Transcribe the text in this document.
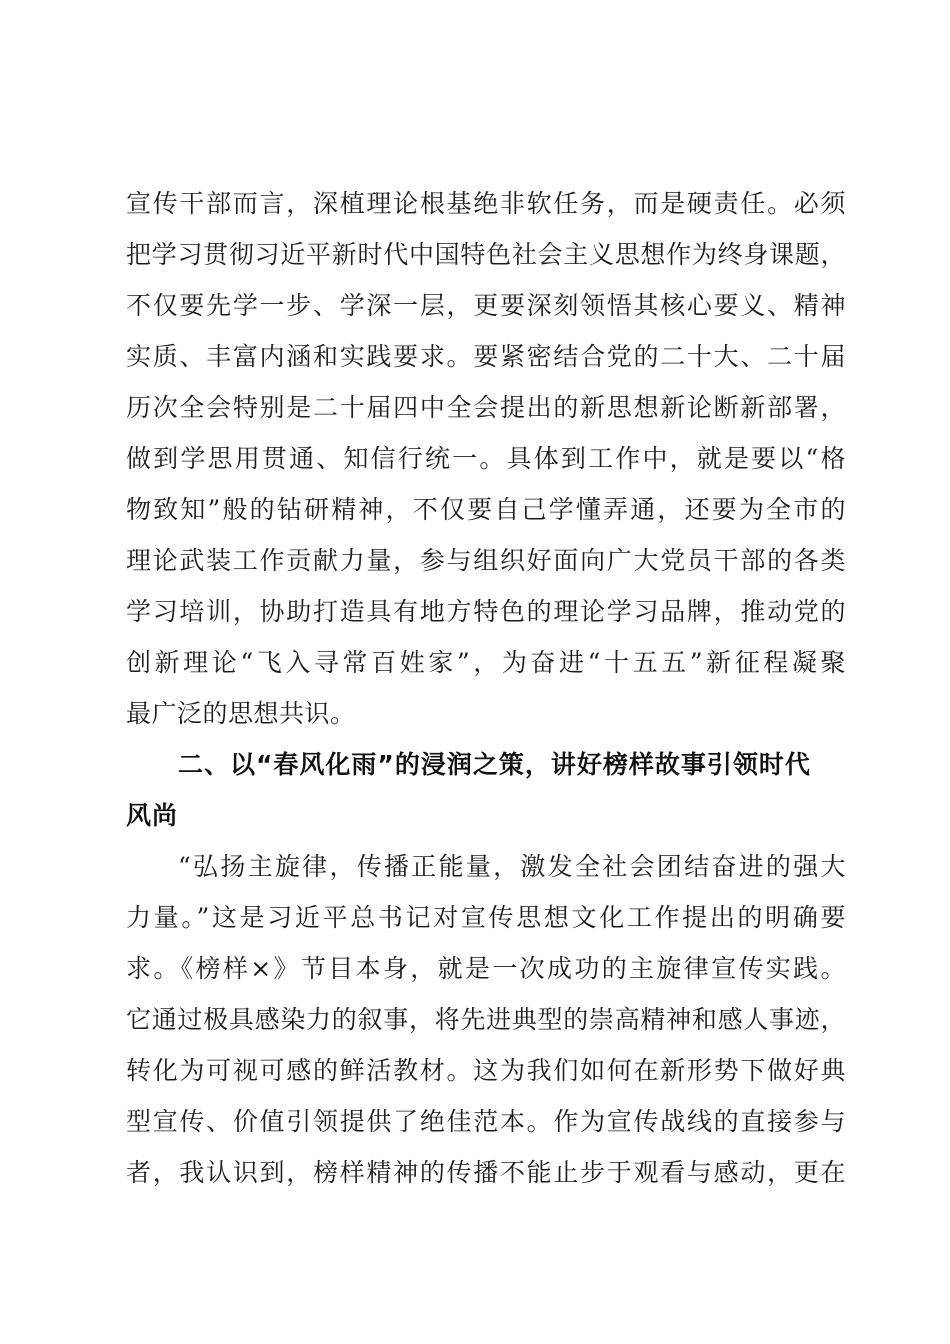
宣传干部而言，深植理论根基绝非软任务，而是硬责任。必须
把学习贯彻习近平新时代中国特色社会主义思想作为终身课题，
不仅要先学一步、学深一层，更要深刻领悟其核心要义、精神
实质、丰富内涵和实践要求。要紧密结合党的二十大、二十届
历次全会特别是二十届四中全会提出的新思想新论断新部署，
做到学思用贯通、知信行统一。具体到工作中，就是要以“格
物致知”般的钻研精神，不仅要自己学懂弄通，还要为全市的
理论武装工作贡献力量，参与组织好面向广大党员干部的各类
学习培训，协助打造具有地方特色的理论学习品牌，推动党的
创新理论“飞入寻常百姓家”，为奋进“十五五”新征程凝聚
最广泛的思想共识。
二、以“春风化雨”的浸润之策，讲好榜样故事引领时代
风尚
“弘扬主旋律，传播正能量，激发全社会团结奋进的强大
力量。”这是习近平总书记对宣传思想文化工作提出的明确要
求。《榜样×》节目本身，就是一次成功的主旋律宣传实践。
它通过极具感染力的叙事，将先进典型的崇高精神和感人事迹，
转化为可视可感的鲜活教材。这为我们如何在新形势下做好典
型宣传、价值引领提供了绝佳范本。作为宣传战线的直接参与
者，我认识到，榜样精神的传播不能止步于观看与感动，更在
